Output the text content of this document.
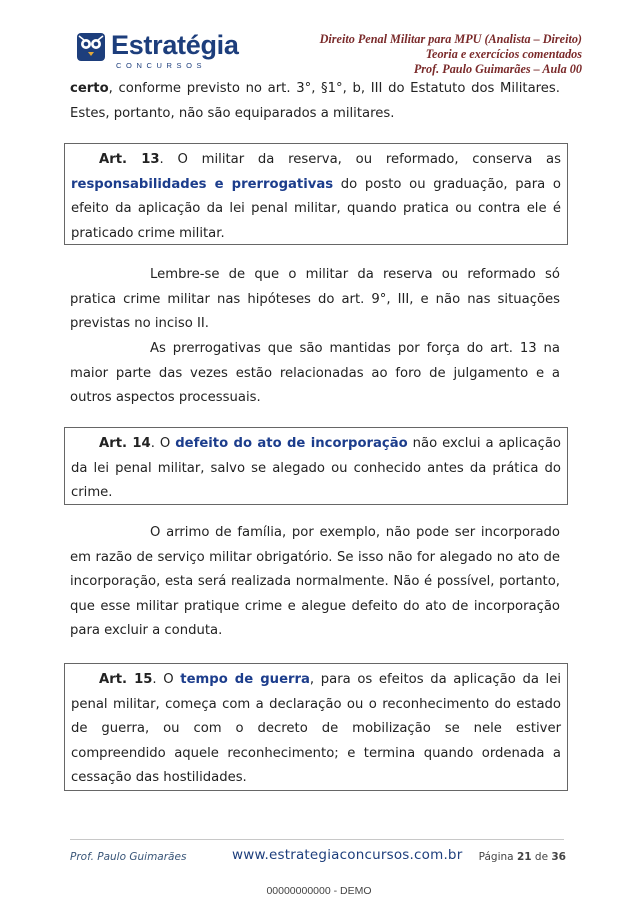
Estratégia
CONCURSOS
Direito Penal Militar para MPU (Analista – Direito)
Teoria e exercícios comentados
Prof. Paulo Guimarães – Aula 00
certo, conforme previsto no art. 3°, §1°, b, III do Estatuto dos Militares. Estes, portanto, não são equiparados a militares.
Art. 13. O militar da reserva, ou reformado, conserva as responsabilidades e prerrogativas do posto ou graduação, para o efeito da aplicação da lei penal militar, quando pratica ou contra ele é praticado crime militar.
Lembre-se de que o militar da reserva ou reformado só pratica crime militar nas hipóteses do art. 9°, III, e não nas situações previstas no inciso II.
As prerrogativas que são mantidas por força do art. 13 na maior parte das vezes estão relacionadas ao foro de julgamento e a outros aspectos processuais.
Art. 14. O defeito do ato de incorporação não exclui a aplicação da lei penal militar, salvo se alegado ou conhecido antes da prática do crime.
O arrimo de família, por exemplo, não pode ser incorporado em razão de serviço militar obrigatório. Se isso não for alegado no ato de incorporação, esta será realizada normalmente. Não é possível, portanto, que esse militar pratique crime e alegue defeito do ato de incorporação para excluir a conduta.
Art. 15. O tempo de guerra, para os efeitos da aplicação da lei penal militar, começa com a declaração ou o reconhecimento do estado de guerra, ou com o decreto de mobilização se nele estiver compreendido aquele reconhecimento; e termina quando ordenada a cessação das hostilidades.
Prof. Paulo Guimarães	www.estrategiaconcursos.com.br Página 21 de 36
00000000000 - DEMO
